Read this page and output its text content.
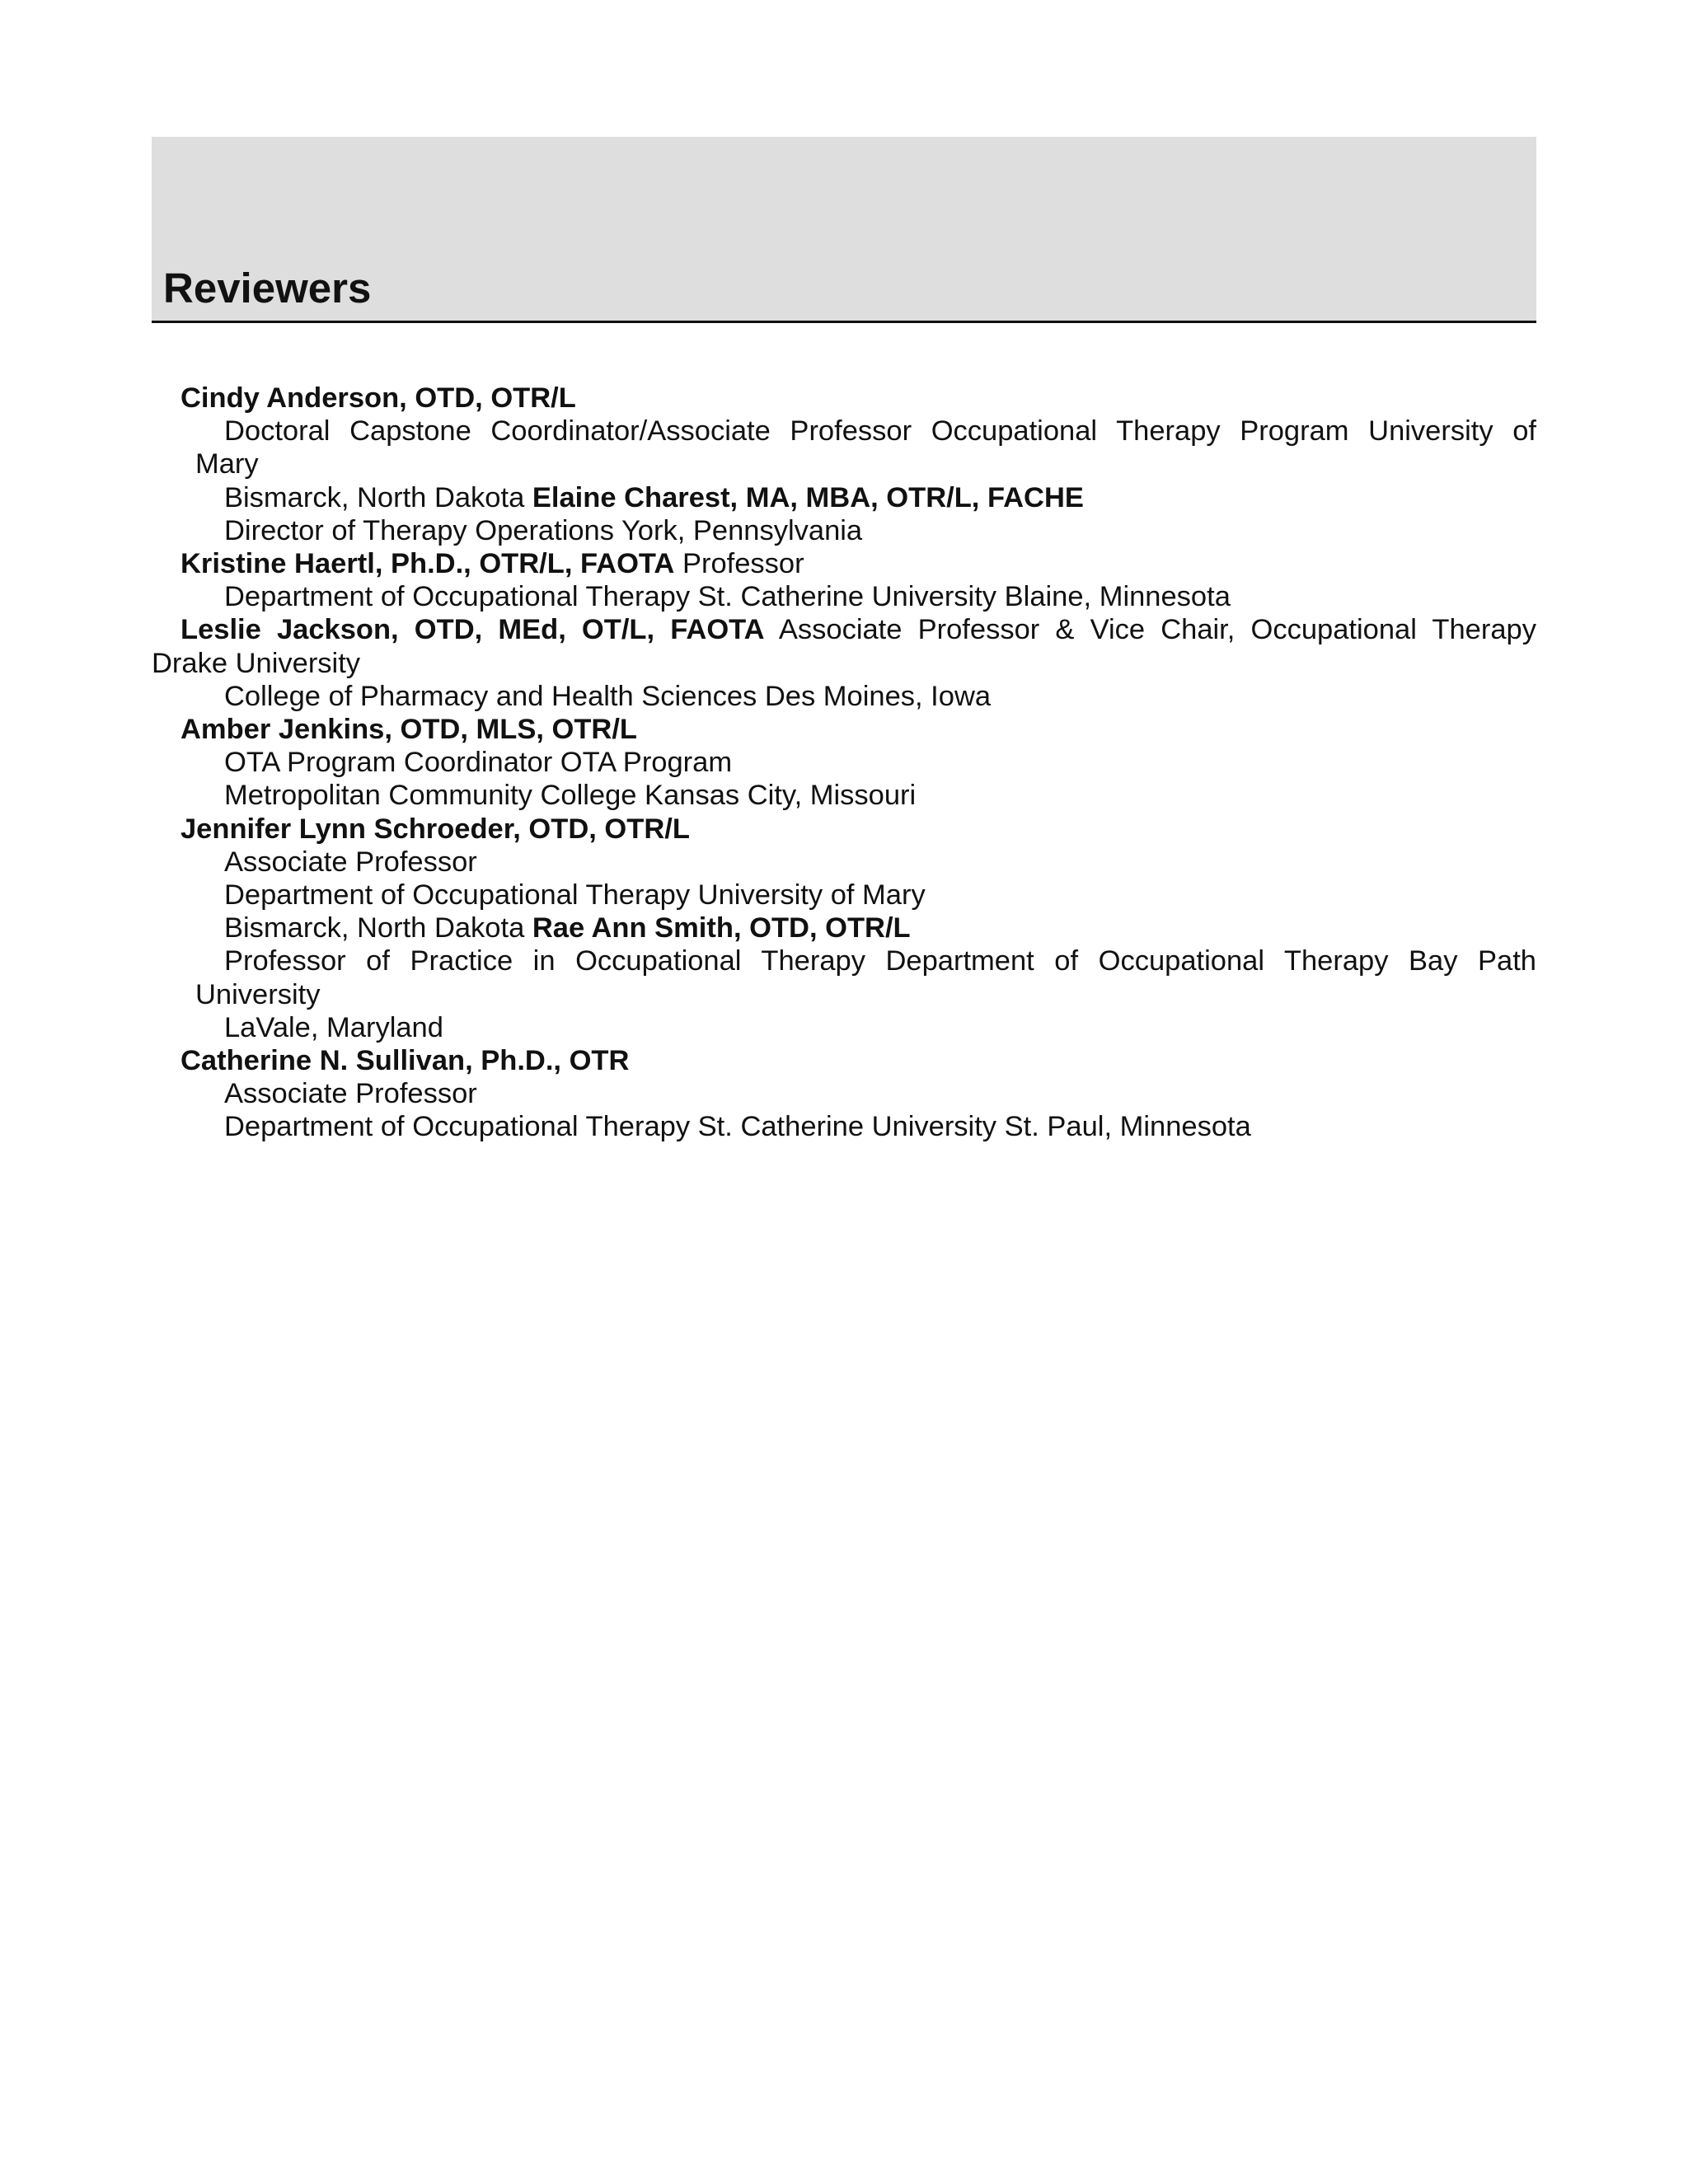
Reviewers

Cindy Anderson, OTD, OTR/L

Doctoral Capstone Coordinator/Associate Professor Occupational Therapy Program University of

Mary

Bismarck, North Dakota Elaine Charest, MA, MBA, OTR/L, FACHE

Director of Therapy Operations York, Pennsylvania

Kristine Haertl, Ph.D., OTR/L, FAOTA Professor

Department of Occupational Therapy St. Catherine University Blaine, Minnesota

Leslie Jackson, OTD, MEd, OT/L, FAOTA Associate Professor & Vice Chair, Occupational Therapy

Drake University

College of Pharmacy and Health Sciences Des Moines, Iowa

Amber Jenkins, OTD, MLS, OTR/L

OTA Program Coordinator OTA Program

Metropolitan Community College Kansas City, Missouri

Jennifer Lynn Schroeder, OTD, OTR/L

Associate Professor

Department of Occupational Therapy University of Mary

Bismarck, North Dakota Rae Ann Smith, OTD, OTR/L

Professor of Practice in Occupational Therapy Department of Occupational Therapy Bay Path

University

LaVale, Maryland

Catherine N. Sullivan, Ph.D., OTR

Associate Professor

Department of Occupational Therapy St. Catherine University St. Paul, Minnesota
